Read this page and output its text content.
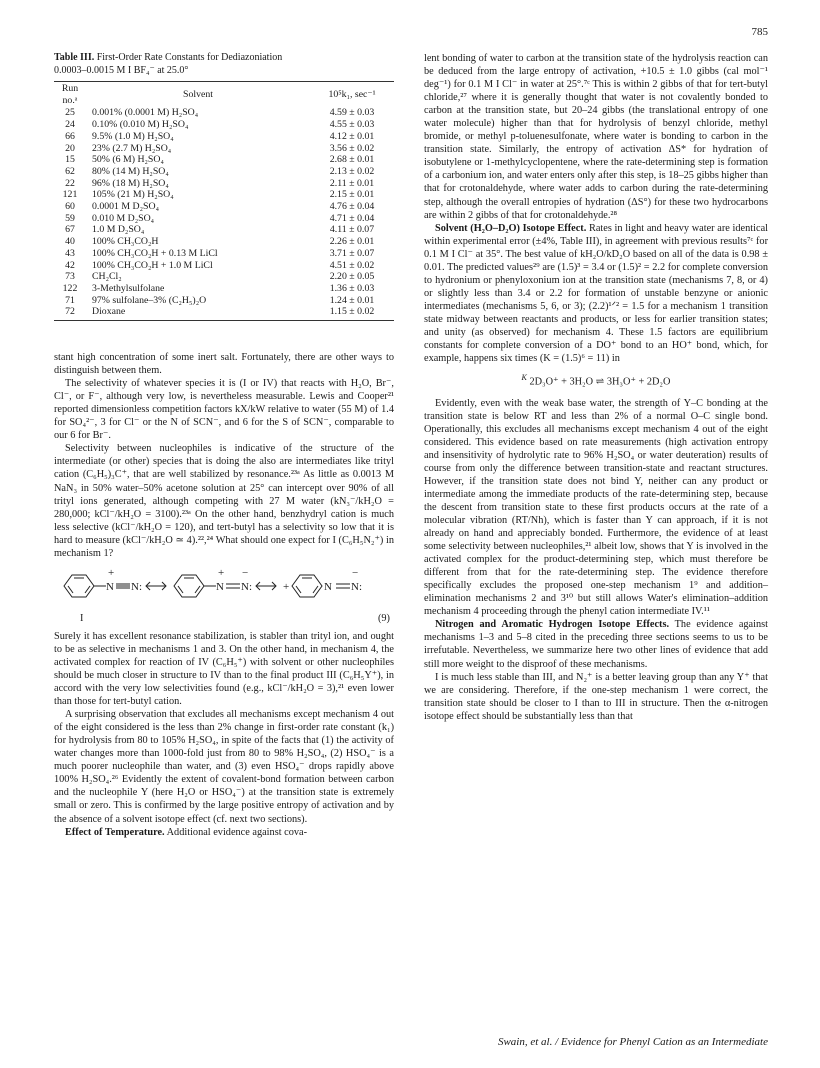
785
Table III. First-Order Rate Constants for Dediazoniation
0.0003–0.0015 M I BF₄⁻ at 25.0°
Run no.ᵃ	Solvent	10⁵k₁, sec⁻¹
25	0.001% (0.0001 M) H₂SO₄	4.59 ± 0.03
24	0.10% (0.010 M) H₂SO₄	4.55 ± 0.03
66	9.5% (1.0 M) H₂SO₄	4.12 ± 0.01
20	23% (2.7 M) H₂SO₄	3.56 ± 0.02
15	50% (6 M) H₂SO₄	2.68 ± 0.01
62	80% (14 M) H₂SO₄	2.13 ± 0.02
22	96% (18 M) H₂SO₄	2.11 ± 0.01
121	105% (21 M) H₂SO₄	2.15 ± 0.01
60	0.0001 M D₂SO₄	4.76 ± 0.04
59	0.010 M D₂SO₄	4.71 ± 0.04
67	1.0 M D₂SO₄	4.11 ± 0.07
40	100% CH₃CO₂H	2.26 ± 0.01
43	100% CH₃CO₂H + 0.13 M LiCl	3.71 ± 0.07
42	100% CH₃CO₂H + 1.0 M LiCl	4.51 ± 0.02
73	CH₂Cl₂	2.20 ± 0.05
122	3-Methylsulfolane	1.36 ± 0.03
71	97% sulfolane–3% (C₂H₅)₂O	1.24 ± 0.01
72	Dioxane	1.15 ± 0.02

stant high concentration of some inert salt. Fortunately, there are other ways to distinguish between them.

The selectivity of whatever species it is (I or IV) that reacts with H₂O, Br⁻, Cl⁻, or F⁻, although very low, is nevertheless measurable. Lewis and Cooper²¹ reported dimensionless competition factors kX/kW relative to water (55 M) of 1.4 for SO₄²⁻, 3 for Cl⁻ or the N of SCN⁻, and 6 for the S of SCN⁻, comparable to our 6 for Br⁻.

Selectivity between nucleophiles is indicative of the structure of the intermediate (or other) species that is doing the also are intermediates like trityl cation (C₆H₅)₃C⁺, that are well stabilized by resonance.²³ᵃ As little as 0.0013 M NaN₃ in 50% water–50% acetone solution at 25° can intercept over 90% of all trityl ions generated, although competing with 27 M water (kN₃⁻/kH₂O = 280,000; kCl⁻/kH₂O = 3100).²³ᵃ On the other hand, benzhydryl cation is much less selective (kCl⁻/kH₂O = 120), and tert-butyl has a selectivity so low that it is hard to measure (kCl⁻/kH₂O ≃ 4).²²,²⁴ What should one expect for I (C₆H₅N₂⁺) in mechanism 1?

N
+
N:	N
+
N:
−
+	N N:
−
I	(9)

Surely it has excellent resonance stabilization, is stabler than trityl ion, and ought to be as selective in mechanisms 1 and 3. On the other hand, in mechanism 4, the activated complex for reaction of IV (C₆H₅⁺) with solvent or other nucleophiles should be much closer in structure to IV than to the final product III (C₆H₅Y⁺), in accord with the very low selectivities found (e.g., kCl⁻/kH₂O = 3),²¹ even lower than those for tert-butyl cation.

A surprising observation that excludes all mechanisms except mechanism 4 out of the eight considered is the less than 2% change in first-order rate constant (k₁) for hydrolysis from 80 to 105% H₂SO₄, in spite of the facts that (1) the activity of water changes more than 1000-fold just from 80 to 98% H₂SO₄, (2) HSO₄⁻ is a much poorer nucleophile than water, and (3) even HSO₄⁻ drops rapidly above 100% H₂SO₄.²⁶ Evidently the extent of covalent-bond formation between carbon and the nucleophile Y (here H₂O or HSO₄⁻) at the transition state is extremely small or zero. This is confirmed by the large positive entropy of activation and by the absence of a solvent isotope effect (cf. next two sections).

Effect of Temperature. Additional evidence against cova-

lent bonding of water to carbon at the transition state of the hydrolysis reaction can be deduced from the large entropy of activation, +10.5 ± 1.0 gibbs (cal mol⁻¹ deg⁻¹) for 0.1 M I Cl⁻ in water at 25°.⁷ᶜ This is within 2 gibbs of that for tert-butyl chloride,²⁷ where it is generally thought that water is not covalently bonded to carbon at the transition state, but 20–24 gibbs (the translational entropy of one water molecule) higher than that for hydrolysis of benzyl chloride, methyl bromide, or methyl p-toluenesulfonate, where water is bonding to carbon in the transition state. Similarly, the entropy of activation ΔS* for hydration of isobutylene or 1-methylcyclopentene, where the rate-determining step is formation of a carbonium ion, and water enters only after this step, is 18–25 gibbs higher than that for crotonaldehyde, where water adds to carbon during the rate-determining step, although the overall entropies of hydration (ΔS°) for these two hydrocarbons are within 2 gibbs of that for crotonaldehyde.²⁸

Solvent (H₂O–D₂O) Isotope Effect. Rates in light and heavy water are identical within experimental error (±4%, Table III), in agreement with previous results⁷ᶜ for 0.1 M I Cl⁻ at 35°. The best value of kH₂O/kD₂O based on all of the data is 0.98 ± 0.01. The predicted values²⁹ are (1.5)³ = 3.4 or (1.5)² = 2.2 for complete conversion to hydronium or phenyloxonium ion at the transition state (mechanisms 7, 8, or 4) or slightly less than 3.4 or 2.2 for formation of unstable benzyne or anionic intermediates (mechanisms 5, 6, or 3); (2.2)¹ᐟ² = 1.5 for a mechanism 1 transition state midway between reactants and products, or less for earlier transition states; and unity (as observed) for mechanism 4. These 1.5 factors are equilibrium constants for complete conversion of a DO⁺ bond to an HO⁺ bond, which, for example, happens six times (K = (1.5)⁶ = 11) in

$^K$ 2D₃O⁺ + 3H₂O ⇌ 3H₃O⁺ + 2D₂O

Evidently, even with the weak base water, the strength of Y–C bonding at the transition state is below RT and less than 2% of a normal O–C single bond. Operationally, this excludes all mechanisms except mechanism 4 out of the eight considered. This evidence based on rate measurements (high activation entropy and insensitivity of hydrolytic rate to 96% H₂SO₄ or water deuteration) results of course from only the difference between transition-state and reactant structures. However, if the transition state does not bind Y, neither can any product or intermediate among the immediate products of the rate-determining step, because the descent from transition state to these first products occurs at the rate of a molecular vibration (RT/Nh), which is faster than Y can approach, if it is not already on hand and appreciably bonded. Furthermore, the evidence of at least some selectivity between nucleophiles,²¹ albeit low, shows that Y is involved in the activated complex for the product-determining step, which must therefore be different from that for the rate-determining step. The evidence therefore specifically excludes the proposed one-step mechanism 1⁹ and addition–elimination mechanisms 2 and 3¹⁰ but still allows Water's elimination–addition mechanism 4 proceeding through the phenyl cation intermediate IV.¹¹

Nitrogen and Aromatic Hydrogen Isotope Effects. The evidence against mechanisms 1–3 and 5–8 cited in the preceding three sections seems to us to be irrefutable. Nevertheless, we summarize here two other lines of evidence that add still more weight to the disproof of these mechanisms.

I is much less stable than III, and N₂⁺ is a better leaving group than any Y⁺ that we are considering. Therefore, if the one-step mechanism 1 were correct, the transition state should be closer to I than to III in structure. Then the α-nitrogen isotope effect should be substantially less than that

Swain, et al. / Evidence for Phenyl Cation as an Intermediate
